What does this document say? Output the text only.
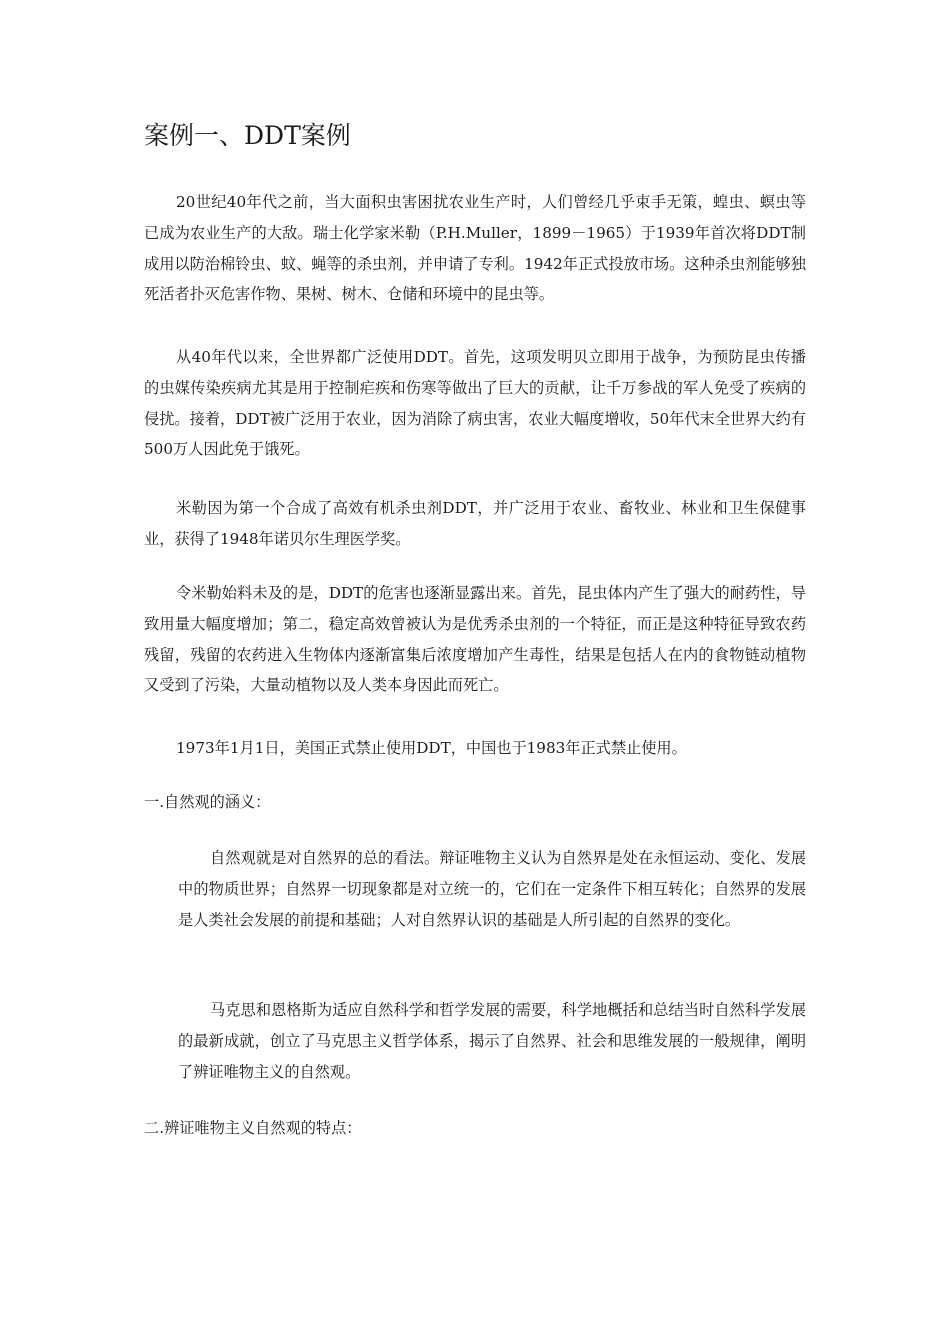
案例一、DDT案例

20世纪40年代之前，当大面积虫害困扰农业生产时，人们曾经几乎束手无策，蝗虫、螟虫等已成为农业生产的大敌。瑞士化学家米勒（P.H.Muller，1899－1965）于1939年首次将DDT制成用以防治棉铃虫、蚊、蝇等的杀虫剂，并申请了专利。1942年正式投放市场。这种杀虫剂能够独死活者扑灭危害作物、果树、树木、仓储和环境中的昆虫等。

从40年代以来，全世界都广泛使用DDT。首先，这项发明贝立即用于战争，为预防昆虫传播的虫媒传染疾病尤其是用于控制疟疾和伤寒等做出了巨大的贡献，让千万参战的军人免受了疾病的侵扰。接着，DDT被广泛用于农业，因为消除了病虫害，农业大幅度增收，50年代末全世界大约有500万人因此免于饿死。

米勒因为第一个合成了高效有机杀虫剂DDT，并广泛用于农业、畜牧业、林业和卫生保健事业，获得了1948年诺贝尔生理医学奖。

令米勒始料未及的是，DDT的危害也逐渐显露出来。首先，昆虫体内产生了强大的耐药性，导致用量大幅度增加；第二，稳定高效曾被认为是优秀杀虫剂的一个特征，而正是这种特征导致农药残留，残留的农药进入生物体内逐渐富集后浓度增加产生毒性，结果是包括人在内的食物链动植物又受到了污染，大量动植物以及人类本身因此而死亡。

1973年1月1日，美国正式禁止使用DDT，中国也于1983年正式禁止使用。

一.自然观的涵义：

自然观就是对自然界的总的看法。辩证唯物主义认为自然界是处在永恒运动、变化、发展中的物质世界；自然界一切现象都是对立统一的，它们在一定条件下相互转化；自然界的发展是人类社会发展的前提和基础；人对自然界认识的基础是人所引起的自然界的变化。

马克思和恩格斯为适应自然科学和哲学发展的需要，科学地概括和总结当时自然科学发展的最新成就，创立了马克思主义哲学体系，揭示了自然界、社会和思维发展的一般规律，阐明了辨证唯物主义的自然观。

二.辨证唯物主义自然观的特点：
